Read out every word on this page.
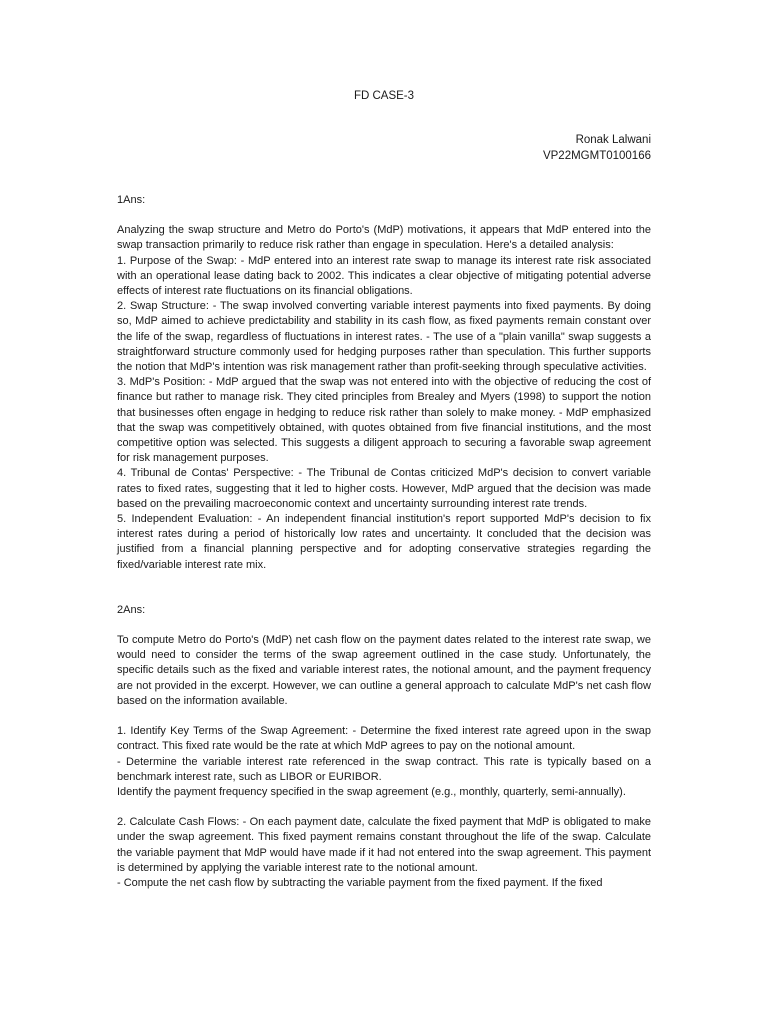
FD CASE-3
Ronak Lalwani
VP22MGMT0100166

1Ans:

Analyzing the swap structure and Metro do Porto's (MdP) motivations, it appears that MdP entered into the swap transaction primarily to reduce risk rather than engage in speculation. Here's a detailed analysis:

1. Purpose of the Swap: - MdP entered into an interest rate swap to manage its interest rate risk associated with an operational lease dating back to 2002. This indicates a clear objective of mitigating potential adverse effects of interest rate fluctuations on its financial obligations.

2. Swap Structure: - The swap involved converting variable interest payments into fixed payments. By doing so, MdP aimed to achieve predictability and stability in its cash flow, as fixed payments remain constant over the life of the swap, regardless of fluctuations in interest rates. - The use of a "plain vanilla" swap suggests a straightforward structure commonly used for hedging purposes rather than speculation. This further supports the notion that MdP's intention was risk management rather than profit-seeking through speculative activities.

3. MdP's Position: - MdP argued that the swap was not entered into with the objective of reducing the cost of finance but rather to manage risk. They cited principles from Brealey and Myers (1998) to support the notion that businesses often engage in hedging to reduce risk rather than solely to make money. - MdP emphasized that the swap was competitively obtained, with quotes obtained from five financial institutions, and the most competitive option was selected. This suggests a diligent approach to securing a favorable swap agreement for risk management purposes.

4. Tribunal de Contas' Perspective: - The Tribunal de Contas criticized MdP's decision to convert variable rates to fixed rates, suggesting that it led to higher costs. However, MdP argued that the decision was made based on the prevailing macroeconomic context and uncertainty surrounding interest rate trends.

5. Independent Evaluation: - An independent financial institution's report supported MdP's decision to fix interest rates during a period of historically low rates and uncertainty. It concluded that the decision was justified from a financial planning perspective and for adopting conservative strategies regarding the fixed/variable interest rate mix.

2Ans:

To compute Metro do Porto's (MdP) net cash flow on the payment dates related to the interest rate swap, we would need to consider the terms of the swap agreement outlined in the case study. Unfortunately, the specific details such as the fixed and variable interest rates, the notional amount, and the payment frequency are not provided in the excerpt. However, we can outline a general approach to calculate MdP's net cash flow based on the information available.

1. Identify Key Terms of the Swap Agreement: - Determine the fixed interest rate agreed upon in the swap contract. This fixed rate would be the rate at which MdP agrees to pay on the notional amount.

- Determine the variable interest rate referenced in the swap contract. This rate is typically based on a benchmark interest rate, such as LIBOR or EURIBOR.

Identify the payment frequency specified in the swap agreement (e.g., monthly, quarterly, semi-annually).

2. Calculate Cash Flows: - On each payment date, calculate the fixed payment that MdP is obligated to make under the swap agreement. This fixed payment remains constant throughout the life of the swap. Calculate the variable payment that MdP would have made if it had not entered into the swap agreement. This payment is determined by applying the variable interest rate to the notional amount.

- Compute the net cash flow by subtracting the variable payment from the fixed payment. If the fixed
